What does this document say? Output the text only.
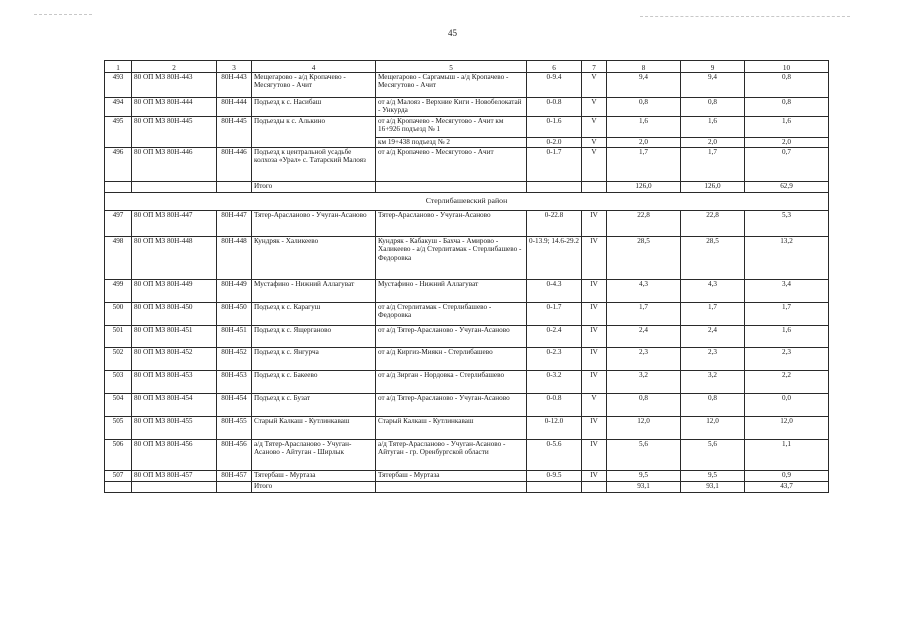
45
1	2	3	4	5	6	7	8	9	10
493	80 ОП МЗ 80Н-443	80Н-443	Мещегарово - а/д Кропачево - Месягутово - Ачит	Мещегарово - Саргамыш - а/д Кропачево - Месягутово - Ачит	0-9.4	V	9,4	9,4	0,8
494	80 ОП МЗ 80Н-444	80Н-444	Подъезд к с. Насибаш	от а/д Малояз - Верхние Киги - Новобелокатай - Ункурда	0-0.8	V	0,8	0,8	0,8
495	80 ОП МЗ 80Н-445	80Н-445	Подъезды к с. Алькино	от а/д Кропачево - Месягутово - Ачит км 16+926 подъезд № 1	0-1.6	V	1,6	1,6	1,6
				км 19+438 подъезд № 2	0-2.0	V	2,0	2,0	2,0
496	80 ОП МЗ 80Н-446	80Н-446	Подъезд к центральной усадьбе колхоза «Урал» с. Татарский Малояз	от а/д Кропачево - Месягутово - Ачит	0-1.7	V	1,7	1,7	0,7
			Итого				126,0	126,0	62,9
Стерлибашевский район									
497	80 ОП МЗ 80Н-447	80Н-447	Тятер-Арасланово - Учуган-Асаново	Тятер-Арасланово - Учуган-Асаново	0-22.8	IV	22,8	22,8	5,3
498	80 ОП МЗ 80Н-448	80Н-448	Кундряк - Халикеево	Кундряк - Кабакуш - Бахча - Амирово - Халикеево - а/д Стерлитамак - Стерлибашево - Федоровка	0-13.9; 14.6-29.2	IV	28,5	28,5	13,2
499	80 ОП МЗ 80Н-449	80Н-449	Мустафино - Нижний Аллагуват	Мустафино - Нижний Аллагуват	0-4.3	IV	4,3	4,3	3,4
500	80 ОП МЗ 80Н-450	80Н-450	Подъезд к с. Карагуш	от а/д Стерлитамак - Стерлибашево - Федоровка	0-1.7	IV	1,7	1,7	1,7
501	80 ОП МЗ 80Н-451	80Н-451	Подъезд к с. Ящерганово	от а/д Тятер-Арасланово - Учуган-Асаново	0-2.4	IV	2,4	2,4	1,6
502	80 ОП МЗ 80Н-452	80Н-452	Подъезд к с. Янгурча	от а/д Киргиз-Миякн - Стерлибашево	0-2.3	IV	2,3	2,3	2,3
503	80 ОП МЗ 80Н-453	80Н-453	Подъезд к с. Бакеево	от а/д Зирган - Нордовка - Стерлибашево	0-3.2	IV	3,2	3,2	2,2
504	80 ОП МЗ 80Н-454	80Н-454	Подъезд к с. Бузат	от а/д Тятер-Арасланово - Учуган-Асаново	0-0.8	V	0,8	0,8	0,0
505	80 ОП МЗ 80Н-455	80Н-455	Старый Калкаш - Кутлинкаваш	Старый Калкаш - Кутлинкаваш	0-12.0	IV	12,0	12,0	12,0
506	80 ОП МЗ 80Н-456	80Н-456	а/д Тятер-Арасланово - Учуган-Асаново - Айтуган - Ширлык	а/д Тятер-Арасланово - Учуган-Асаново - Айтуган - гр. Оренбургской области	0-5.6	IV	5,6	5,6	1,1
507	80 ОП МЗ 80Н-457	80Н-457	Тятербаш - Муртаза	Тятербаш - Муртаза	0-9.5	IV	9,5	9,5	0,9
			Итого				93,1	93,1	43,7
